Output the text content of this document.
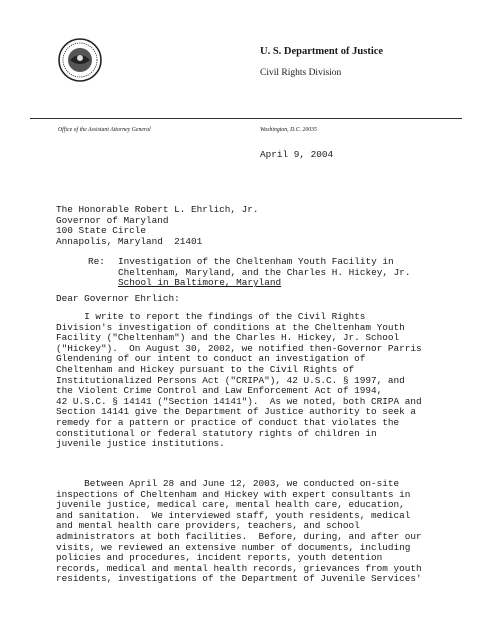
U. S. Department of Justice
Civil Rights Division
Office of the Assistant Attorney General	Washington, D.C. 20035
April 9, 2004
The Honorable Robert L. Ehrlich, Jr.
Governor of Maryland
100 State Circle
Annapolis, Maryland  21401
Re: Investigation of the Cheltenham Youth Facility in
Cheltenham, Maryland, and the Charles H. Hickey, Jr.
School in Baltimore, Maryland
Dear Governor Ehrlich:
I write to report the findings of the Civil Rights
Division's investigation of conditions at the Cheltenham Youth
Facility ("Cheltenham") and the Charles H. Hickey, Jr. School
("Hickey").  On August 30, 2002, we notified then-Governor Parris
Glendening of our intent to conduct an investigation of
Cheltenham and Hickey pursuant to the Civil Rights of
Institutionalized Persons Act ("CRIPA"), 42 U.S.C. § 1997, and
the Violent Crime Control and Law Enforcement Act of 1994,
42 U.S.C. § 14141 ("Section 14141").  As we noted, both CRIPA and
Section 14141 give the Department of Justice authority to seek a
remedy for a pattern or practice of conduct that violates the
constitutional or federal statutory rights of children in
juvenile justice institutions.
Between April 28 and June 12, 2003, we conducted on-site
inspections of Cheltenham and Hickey with expert consultants in
juvenile justice, medical care, mental health care, education,
and sanitation.  We interviewed staff, youth residents, medical
and mental health care providers, teachers, and school
administrators at both facilities.  Before, during, and after our
visits, we reviewed an extensive number of documents, including
policies and procedures, incident reports, youth detention
records, medical and mental health records, grievances from youth
residents, investigations of the Department of Juvenile Services'
